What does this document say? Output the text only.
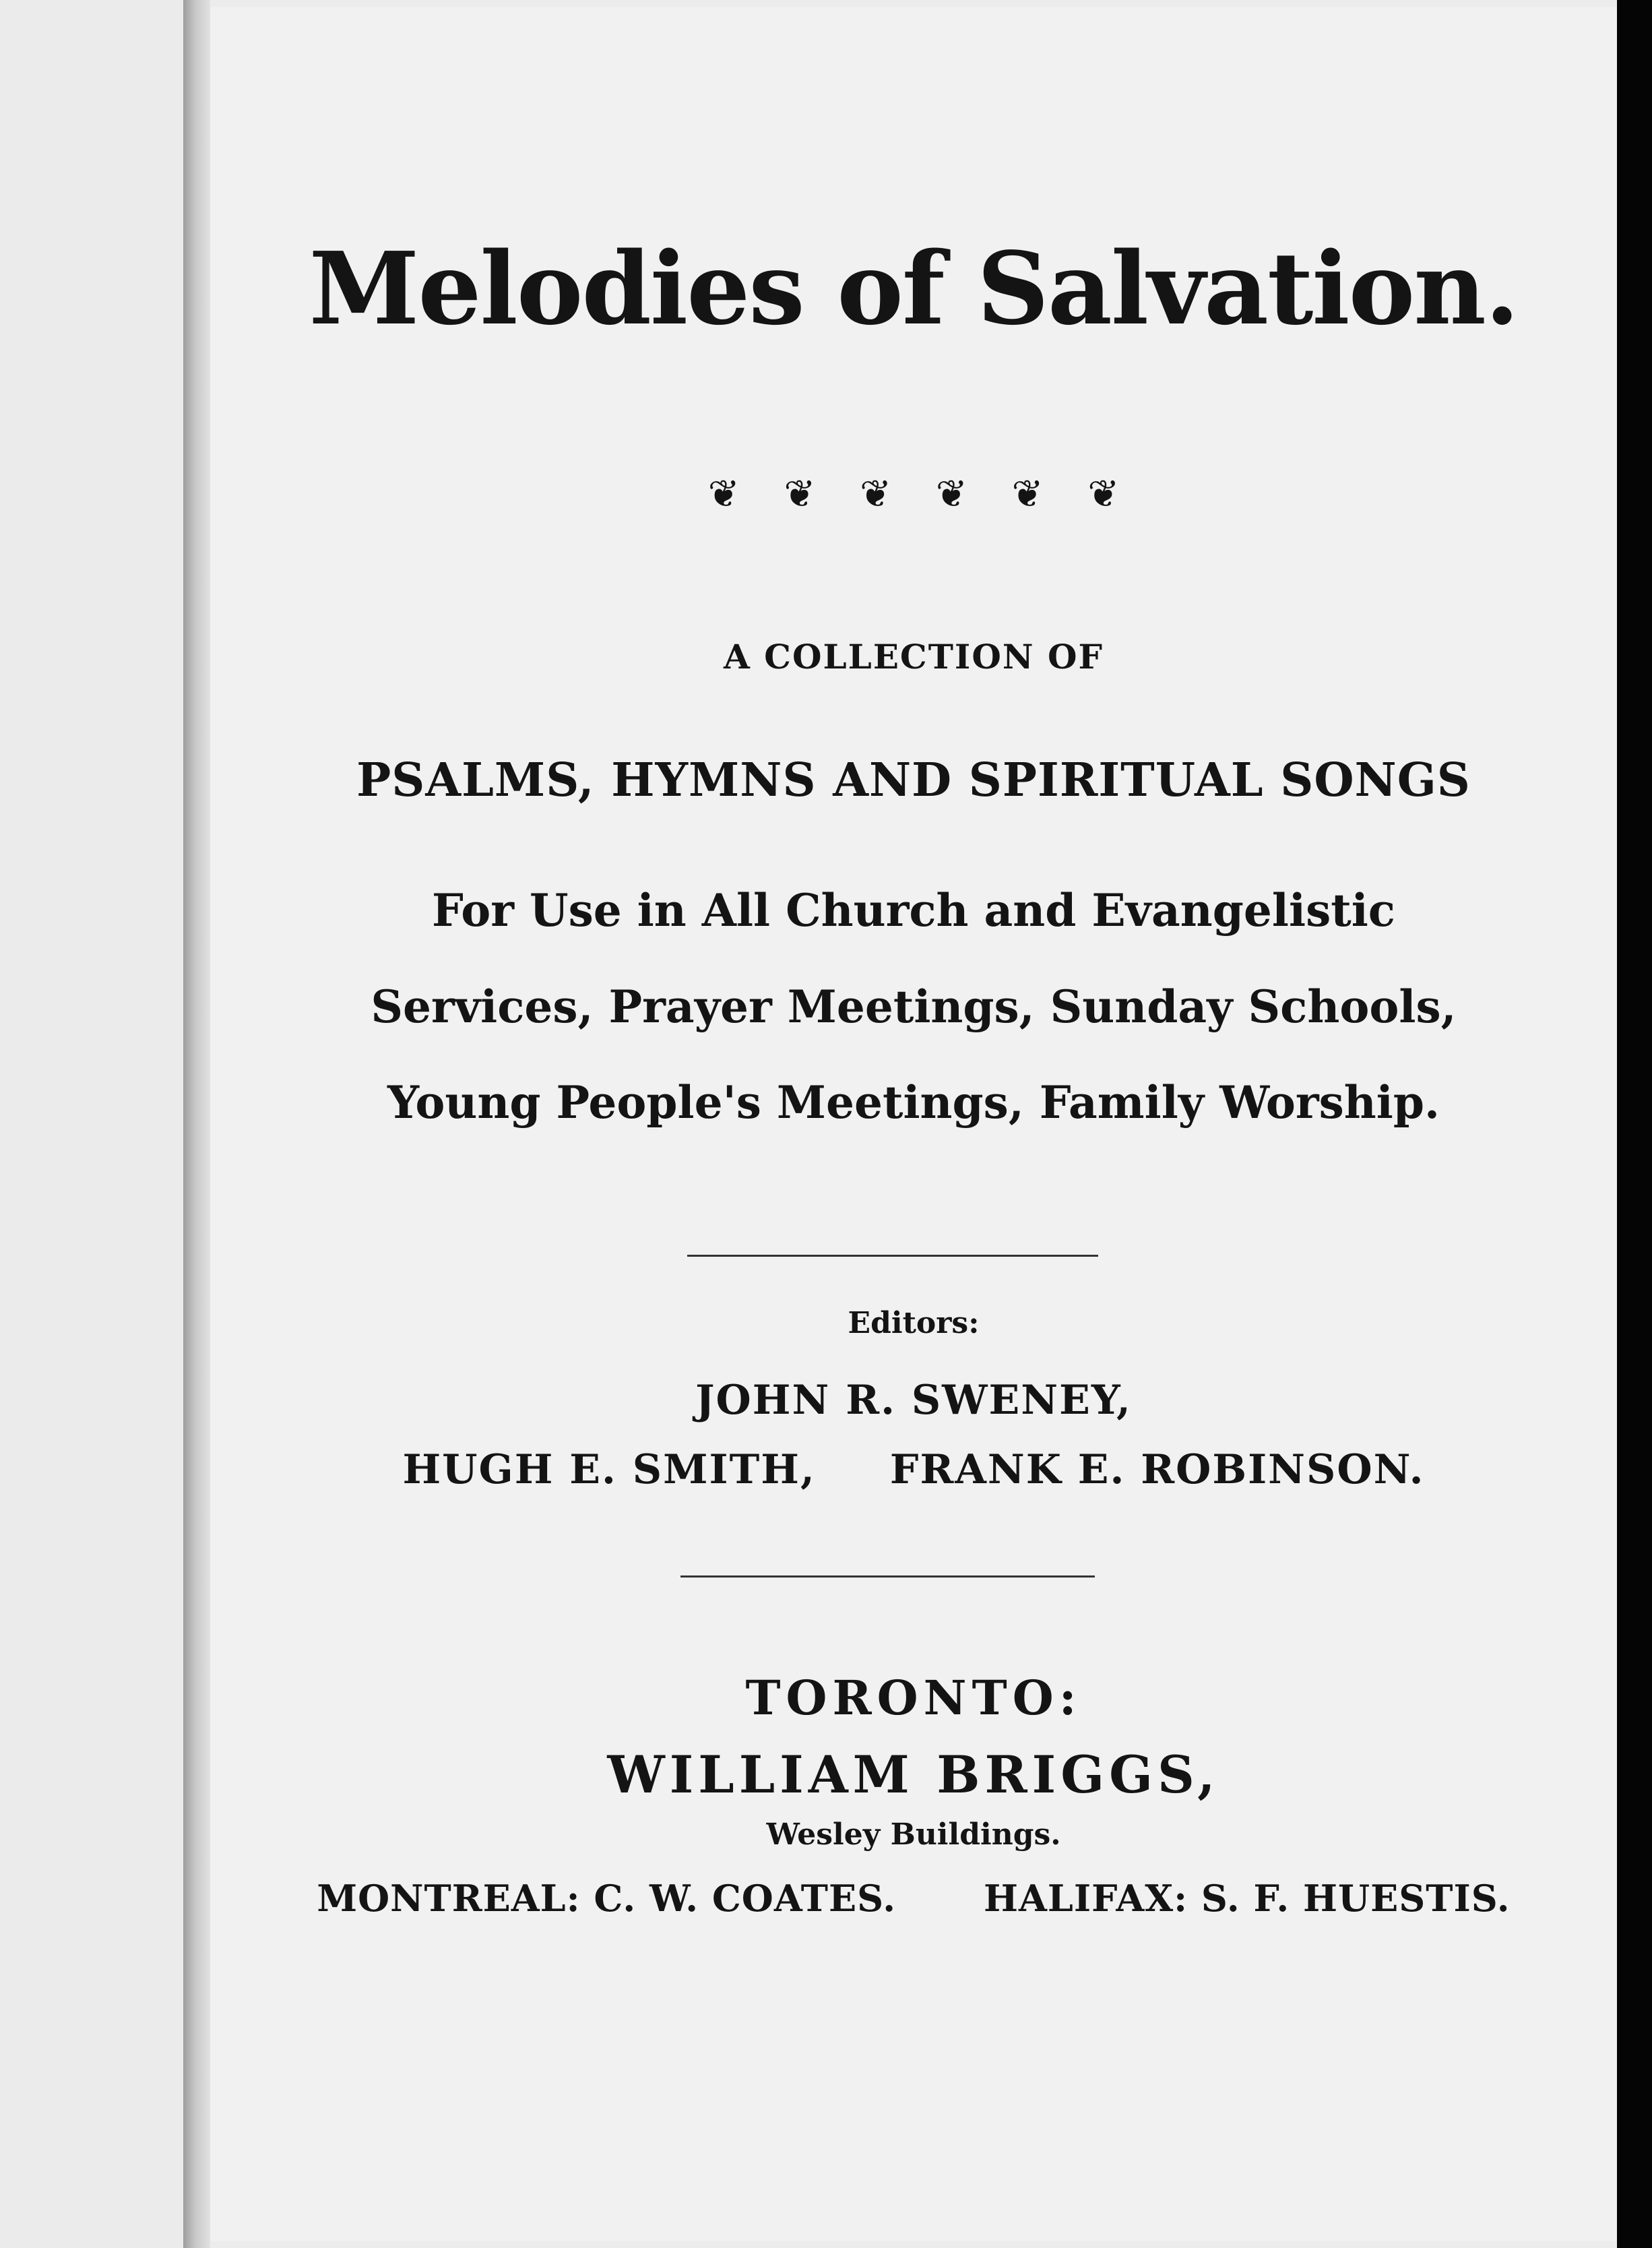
Melodies of Salvation.
❦ ❦ ❦ ❦ ❦ ❦
A COLLECTION OF
PSALMS, HYMNS AND SPIRITUAL SONGS
For Use in All Church and Evangelistic
Services, Prayer Meetings, Sunday Schools,
Young People's Meetings, Family Worship.
Editors:
JOHN R. SWENEY,
HUGH E. SMITH, FRANK E. ROBINSON.
TORONTO:
WILLIAM BRIGGS,
Wesley Buildings.
MONTREAL: C. W. COATES. HALIFAX: S. F. HUESTIS.
